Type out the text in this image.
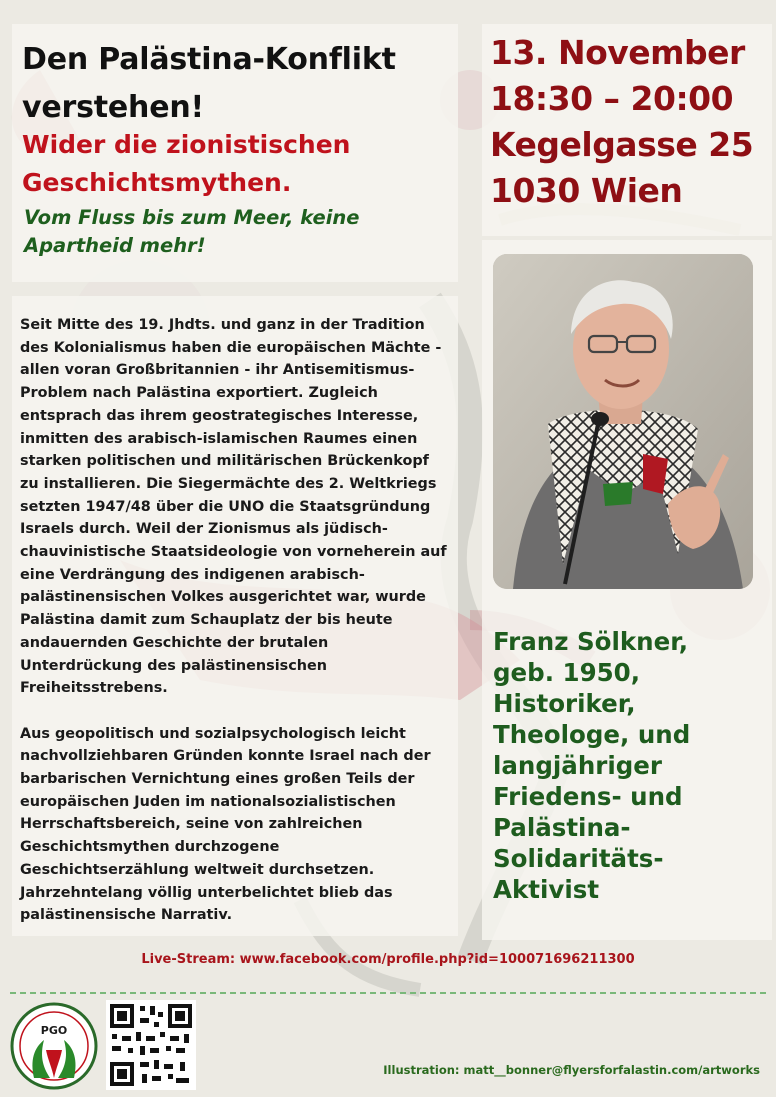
Den Palästina-Konflikt verstehen!
Wider die zionistischen Geschichtsmythen.
Vom Fluss bis zum Meer, keine Apartheid mehr!
13. November
18:30 – 20:00
Kegelgasse 25
1030 Wien

Seit Mitte des 19. Jhdts. und ganz in der Tradition des Kolonialismus haben die europäischen Mächte - allen voran Großbritannien - ihr Antisemitismus-Problem nach Palästina exportiert. Zugleich entsprach das ihrem geostrategisches Interesse, inmitten des arabisch-islamischen Raumes einen starken politischen und militärischen Brückenkopf zu installieren. Die Siegermächte des 2. Weltkriegs setzten 1947/48 über die UNO die Staatsgründung Israels durch. Weil der Zionismus als jüdisch-chauvinistische Staatsideologie von vorneherein auf eine Verdrängung des indigenen arabisch-palästinensischen Volkes ausgerichtet war, wurde Palästina damit zum Schauplatz der bis heute andauernden Geschichte der brutalen Unterdrückung des palästinensischen Freiheitsstrebens.

Aus geopolitisch und sozialpsychologisch leicht nachvollziehbaren Gründen konnte Israel nach der barbarischen Vernichtung eines großen Teils der europäischen Juden im nationalsozialistischen Herrschaftsbereich, seine von zahlreichen Geschichtsmythen durchzogene Geschichtserzählung weltweit durchsetzen. Jahrzehntelang völlig unterbelichtet blieb das palästinensische Narrativ.

Franz Sölkner,
geb. 1950,
Historiker,
Theologe, und
langjähriger
Friedens- und
Palästina-
Solidaritäts-
Aktivist
Live-Stream: www.facebook.com/profile.php?id=100071696211300
PGO
Illustration: matt__bonner@flyersforfalastin.com/artworks
